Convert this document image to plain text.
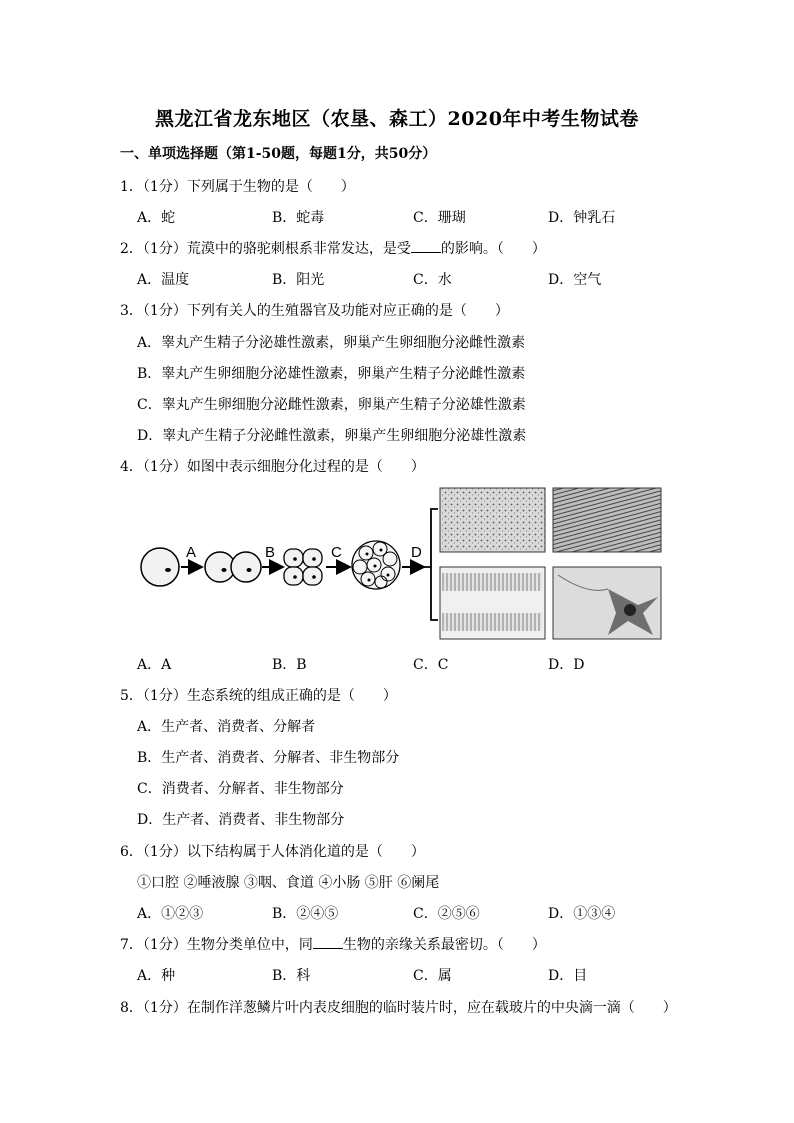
黑龙江省龙东地区（农垦、森工）2020年中考生物试卷
一、单项选择题（第1-50题，每题1分，共50分）
1．（1分）下列属于生物的是（　　）
A．蛇	B．蛇毒	C．珊瑚	D．钟乳石
2．（1分）荒漠中的骆驼刺根系非常发达，是受 的影响。（　　）
A．温度	B．阳光	C．水	D．空气
3．（1分）下列有关人的生殖器官及功能对应正确的是（　　）
A．睾丸产生精子分泌雄性激素，卵巢产生卵细胞分泌雌性激素
B．睾丸产生卵细胞分泌雄性激素，卵巢产生精子分泌雌性激素
C．睾丸产生卵细胞分泌雌性激素，卵巢产生精子分泌雄性激素
D．睾丸产生精子分泌雌性激素，卵巢产生卵细胞分泌雄性激素
4．（1分）如图中表示细胞分化过程的是（　　）
A	B	C	D
A．A	B．B	C．C	D．D
5．（1分）生态系统的组成正确的是（　　）
A．生产者、消费者、分解者
B．生产者、消费者、分解者、非生物部分
C．消费者、分解者、非生物部分
D．生产者、消费者、非生物部分
6．（1分）以下结构属于人体消化道的是（　　）
①口腔 ②唾液腺 ③咽、食道 ④小肠 ⑤肝 ⑥阑尾
A．①②③	B．②④⑤	C．②⑤⑥	D．①③④
7．（1分）生物分类单位中，同 生物的亲缘关系最密切。（　　）
A．种	B．科	C．属	D．目
8．（1分）在制作洋葱鳞片叶内表皮细胞的临时装片时，应在载玻片的中央滴一滴（　　）
